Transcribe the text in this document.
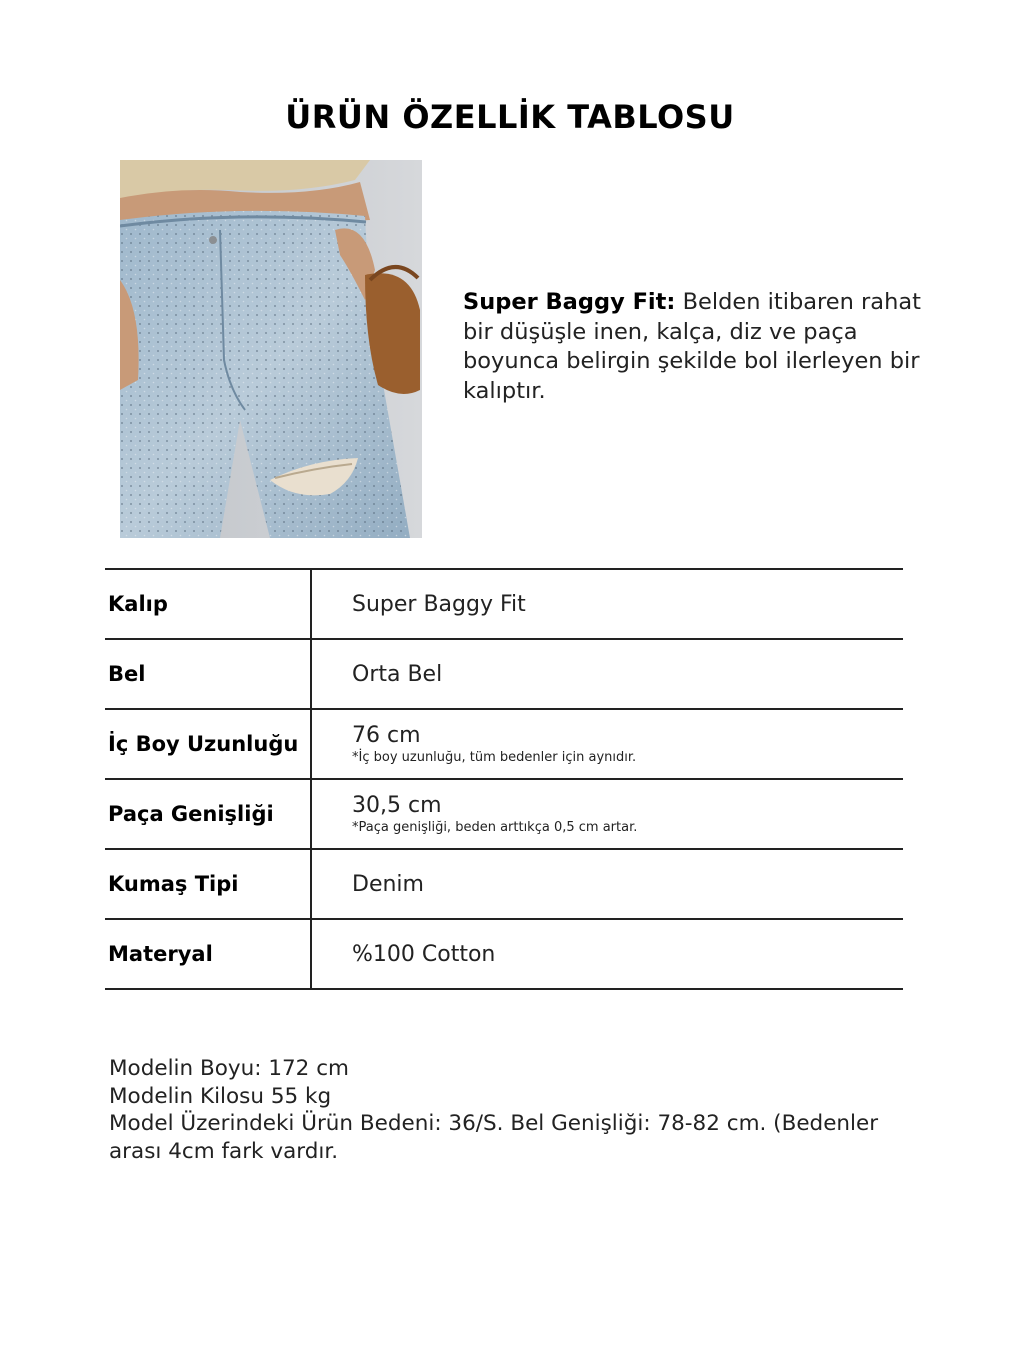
ÜRÜN ÖZELLİK TABLOSU
Super Baggy Fit: Belden itibaren rahat bir düşüşle inen, kalça, diz ve paça boyunca belirgin şekilde bol ilerleyen bir kalıptır.
Kalıp	Super Baggy Fit
Bel	Orta Bel
İç Boy Uzunluğu	76 cm
*İç boy uzunluğu, tüm bedenler için aynıdır.

Paça Genişliği	30,5 cm
*Paça genişliği, beden arttıkça 0,5 cm artar.

Kumaş Tipi	Denim
Materyal	%100 Cotton
Modelin Boyu: 172 cm
Modelin Kilosu 55 kg
Model Üzerindeki Ürün Bedeni: 36/S. Bel Genişliği: 78-82 cm. (Bedenler arası 4cm fark vardır.
